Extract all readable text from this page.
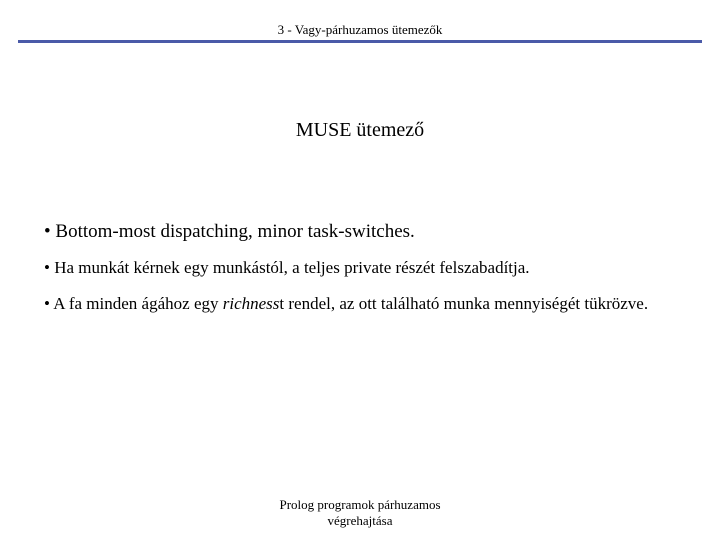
3 - Vagy-párhuzamos ütemezők
MUSE ütemező
• Bottom-most dispatching, minor task-switches.
• Ha munkát kérnek egy munkástól, a teljes private részét felszabadítja.
• A fa minden ágához egy richnesst rendel, az ott található munka mennyiségét tükrözve.
Prolog programok párhuzamos
végrehajtása
